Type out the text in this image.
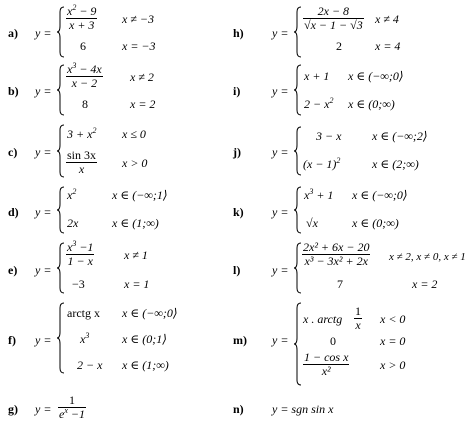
a) y =
$\frac{x^2 - 9}{x + 3}$ x ≠ −3
6	x = −3
b) y =
$\frac{x^3 - 4x}{x - 2}$ x ≠ 2
8	x = 2
c) y =
$3 + x^2$ x ≤ 0
$\frac{\sin 3x}{x}$ x > 0
d) y =
$x^2$	x ∈ (−∞;1⟩
2x	x ∈ (1;∞)
e) y =
$\frac{x^3 -1}{1 - x}$ x ≠ 1
−3	x = 1
f) y =
arctg x x ∈ (−∞;0⟩
$x^3$	x ∈ (0;1⟩
2 − x x ∈ (1;∞)
g) $y = \frac{1}{e^x -1}$
h) y =
$\frac{2x - 8}{√x - 1 - √3}$ x ≠ 4
2	x = 4
i)	y =
x + 1 x ∈ (−∞;0⟩
$2 - x^2$ x ∈ (0;∞)
j)	y =
3 − x	x ∈ (−∞;2⟩
$(x - 1)^2$	x ∈ (2;∞)
k) y =
$x^3 + 1$ x ∈ (−∞;0⟩
√x	x ∈ (0;∞)
l)	y =
$\frac{\text{2x² + 6x − 20}}{\text{x³ − 3x² + 2x}}$ x ≠ 2, x ≠ 0, x ≠ 1
7	x = 2
m) y =
x . arctg $\frac{1}{x}$ x < 0
0	x = 0
$\frac{\text{1 − cos x}}{\text{x²}}$	x > 0
n) y = sgn sin x
